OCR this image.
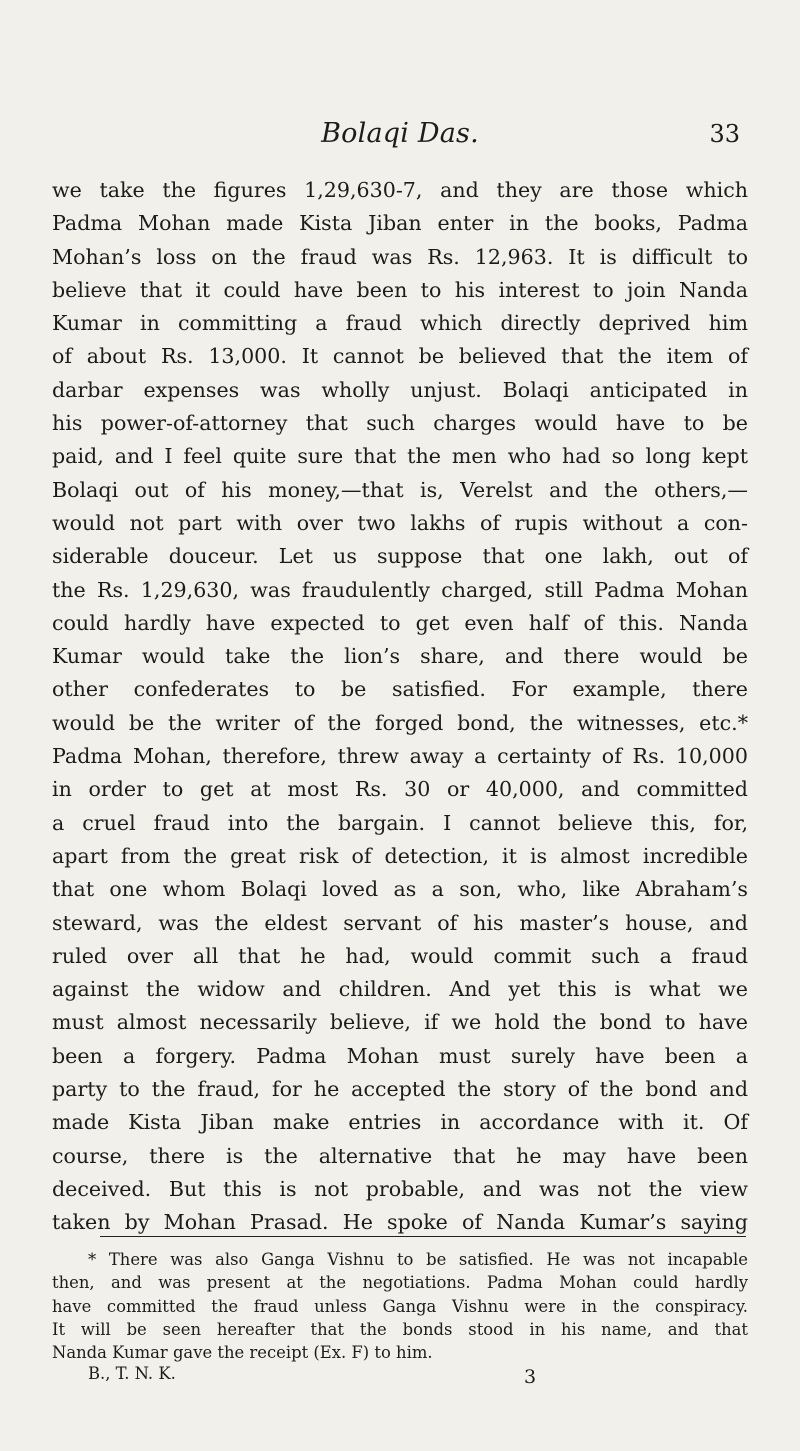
Bolaqi Das.	33
we take the figures 1,29,630-7, and they are those which
Padma Mohan made Kista Jiban enter in the books, Padma
Mohan’s loss on the fraud was Rs. 12,963. It is difficult to
believe that it could have been to his interest to join Nanda
Kumar in committing a fraud which directly deprived him
of about Rs. 13,000. It cannot be believed that the item of
darbar expenses was wholly unjust. Bolaqi anticipated in
his power-of-attorney that such charges would have to be
paid, and I feel quite sure that the men who had so long kept
Bolaqi out of his money,—that is, Verelst and the others,—
would not part with over two lakhs of rupis without a con-
siderable douceur. Let us suppose that one lakh, out of
the Rs. 1,29,630, was fraudulently charged, still Padma Mohan
could hardly have expected to get even half of this. Nanda
Kumar would take the lion’s share, and there would be
other confederates to be satisfied. For example, there
would be the writer of the forged bond, the witnesses, etc.*
Padma Mohan, therefore, threw away a certainty of Rs. 10,000
in order to get at most Rs. 30 or 40,000, and committed
a cruel fraud into the bargain. I cannot believe this, for,
apart from the great risk of detection, it is almost incredible
that one whom Bolaqi loved as a son, who, like Abraham’s
steward, was the eldest servant of his master’s house, and
ruled over all that he had, would commit such a fraud
against the widow and children. And yet this is what we
must almost necessarily believe, if we hold the bond to have
been a forgery. Padma Mohan must surely have been a
party to the fraud, for he accepted the story of the bond and
made Kista Jiban make entries in accordance with it. Of
course, there is the alternative that he may have been
deceived. But this is not probable, and was not the view
taken by Mohan Prasad. He spoke of Nanda Kumar’s saying
* There was also Ganga Vishnu to be satisfied. He was not incapable
then, and was present at the negotiations. Padma Mohan could hardly
have committed the fraud unless Ganga Vishnu were in the conspiracy.
It will be seen hereafter that the bonds stood in his name, and that
Nanda Kumar gave the receipt (Ex. F) to him.
B., T. N. K.	3
